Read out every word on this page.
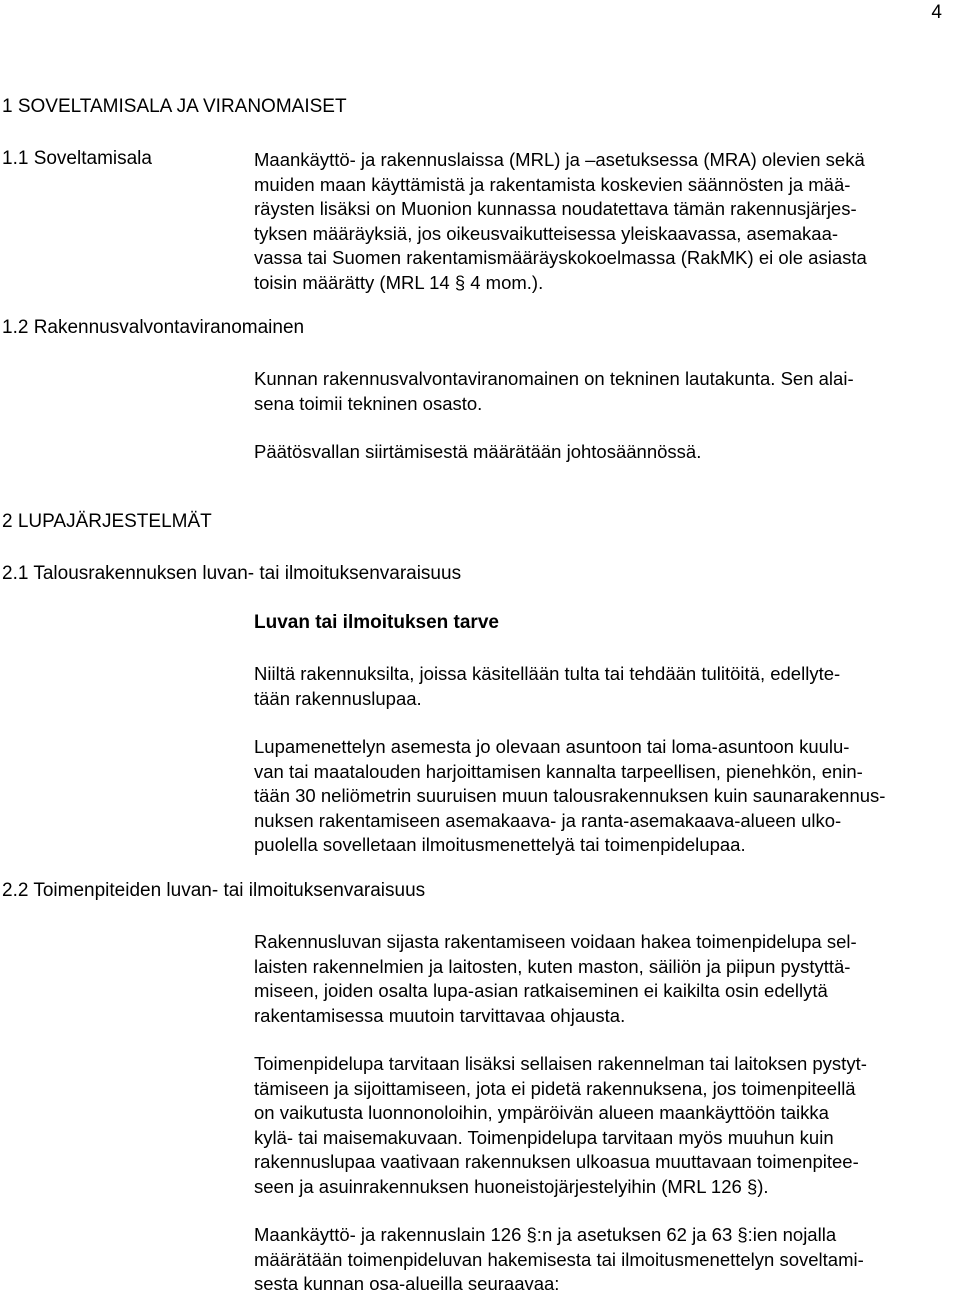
4
1 SOVELTAMISALA JA VIRANOMAISET
1.1 Soveltamisala	Maankäyttö- ja rakennuslaissa (MRL) ja –asetuksessa (MRA) olevien sekä
muiden maan käyttämistä ja rakentamista koskevien säännösten ja mää-
räysten lisäksi on Muonion kunnassa noudatettava tämän rakennusjärjes-
tyksen määräyksiä, jos oikeusvaikutteisessa yleiskaavassa, asemakaa-
vassa tai Suomen rakentamismääräyskokoelmassa (RakMK) ei ole asiasta
toisin määrätty (MRL 14 § 4 mom.).
1.2 Rakennusvalvontaviranomainen
Kunnan rakennusvalvontaviranomainen on tekninen lautakunta. Sen alai-
sena toimii tekninen osasto.
Päätösvallan siirtämisestä määrätään johtosäännössä.
2 LUPAJÄRJESTELMÄT
2.1 Talousrakennuksen luvan- tai ilmoituksenvaraisuus
Luvan tai ilmoituksen tarve
Niiltä rakennuksilta, joissa käsitellään tulta tai tehdään tulitöitä, edellyte-
tään rakennuslupaa.
Lupamenettelyn asemesta jo olevaan asuntoon tai loma-asuntoon kuulu-
van tai maatalouden harjoittamisen kannalta tarpeellisen, pienehkön, enin-
tään 30 neliömetrin suuruisen muun talousrakennuksen kuin saunarakennus-
nuksen rakentamiseen asemakaava- ja ranta-asemakaava-alueen ulko-
puolella sovelletaan ilmoitusmenettelyä tai toimenpidelupaa.
2.2 Toimenpiteiden luvan- tai ilmoituksenvaraisuus
Rakennusluvan sijasta rakentamiseen voidaan hakea toimenpidelupa sel-
laisten rakennelmien ja laitosten, kuten maston, säiliön ja piipun pystyttä-
miseen, joiden osalta lupa-asian ratkaiseminen ei kaikilta osin edellytä
rakentamisessa muutoin tarvittavaa ohjausta.
Toimenpidelupa tarvitaan lisäksi sellaisen rakennelman tai laitoksen pystyt-
tämiseen ja sijoittamiseen, jota ei pidetä rakennuksena, jos toimenpiteellä
on vaikutusta luonnonoloihin, ympäröivän alueen maankäyttöön taikka
kylä- tai maisemakuvaan. Toimenpidelupa tarvitaan myös muuhun kuin
rakennuslupaa vaativaan rakennuksen ulkoasua muuttavaan toimenpitee-
seen ja asuinrakennuksen huoneistojärjestelyihin (MRL 126 §).
Maankäyttö- ja rakennuslain 126 §:n ja asetuksen 62 ja 63 §:ien nojalla
määrätään toimenpideluvan hakemisesta tai ilmoitusmenettelyn soveltami-
sesta kunnan osa-alueilla seuraavaa:
